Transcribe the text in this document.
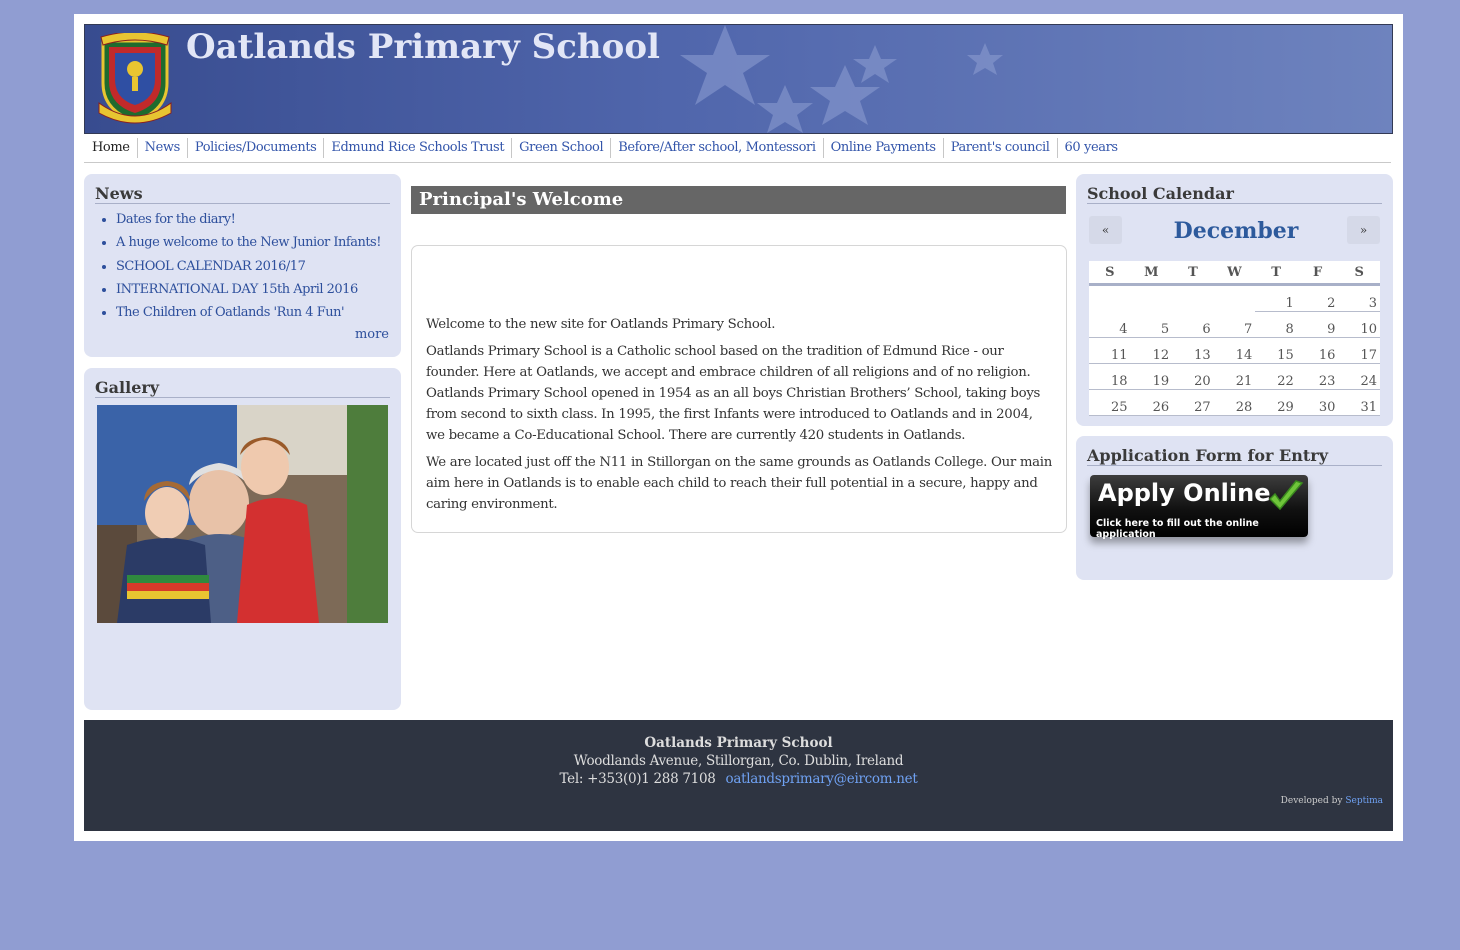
Oatlands Primary School
Home	News	Policies/Documents	Edmund Rice Schools Trust	Green School	Before/After school, Montessori	Online Payments	Parent's council	60 years
News
• Dates for the diary!
• A huge welcome to the New Junior Infants!
• SCHOOL CALENDAR 2016/17
• INTERNATIONAL DAY 15th April 2016
• The Children of Oatlands 'Run 4 Fun'
more
Gallery
Principal's Welcome

Welcome to the new site for Oatlands Primary School.

Oatlands Primary School is a Catholic school based on the tradition of Edmund Rice - our founder. Here at Oatlands, we accept and embrace children of all religions and of no religion. Oatlands Primary School opened in 1954 as an all boys Christian Brothers’ School, taking boys from second to sixth class. In 1995, the first Infants were introduced to Oatlands and in 2004, we became a Co-Educational School. There are currently 420 students in Oatlands.

We are located just off the N11 in Stillorgan on the same grounds as Oatlands College. Our main aim here in Oatlands is to enable each child to reach their full potential in a secure, happy and caring environment.

School Calendar
«	December	»
S	M	T	W	T	F	S
				1	2	3
4	5	6	7	8	9	10
11	12	13	14	15	16	17
18	19	20	21	22	23	24
25	26	27	28	29	30	31
Application Form for Entry
Apply Online
Click here to fill out the online application
Oatlands Primary School
Woodlands Avenue, Stillorgan, Co. Dublin, Ireland
Tel: +353(0)1 288 7108 oatlandsprimary@eircom.net
Developed by Septima
